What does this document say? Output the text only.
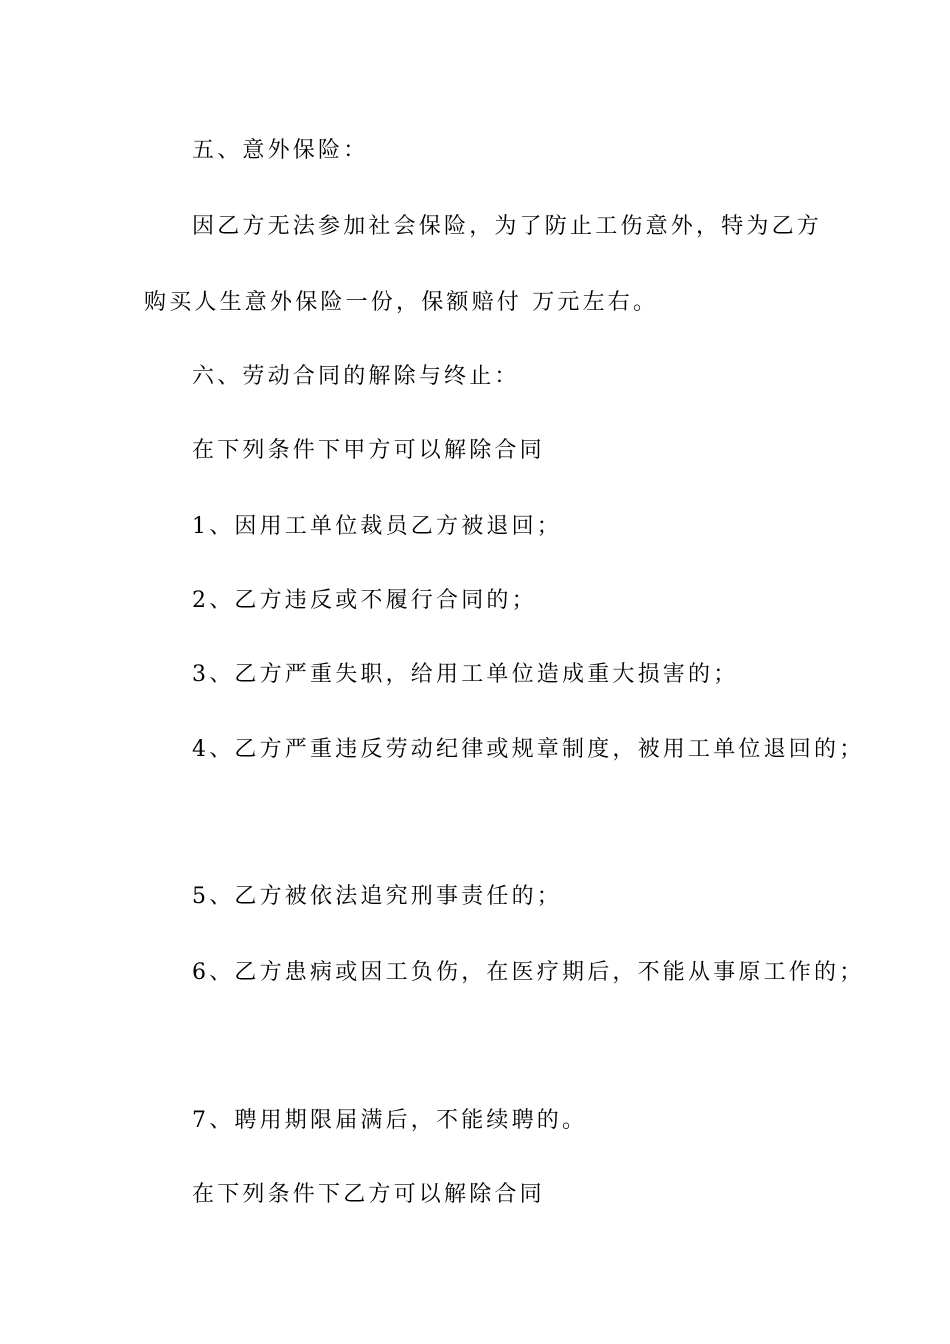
五、意外保险：
因乙方无法参加社会保险，为了防止工伤意外，特为乙方
购买人生意外保险一份，保额赔付 万元左右。
六、劳动合同的解除与终止：
在下列条件下甲方可以解除合同
1、因用工单位裁员乙方被退回；
2、乙方违反或不履行合同的；
3、乙方严重失职，给用工单位造成重大损害的；
4、乙方严重违反劳动纪律或规章制度，被用工单位退回的；
5、乙方被依法追究刑事责任的；
6、乙方患病或因工负伤，在医疗期后，不能从事原工作的；
7、聘用期限届满后，不能续聘的。
在下列条件下乙方可以解除合同
